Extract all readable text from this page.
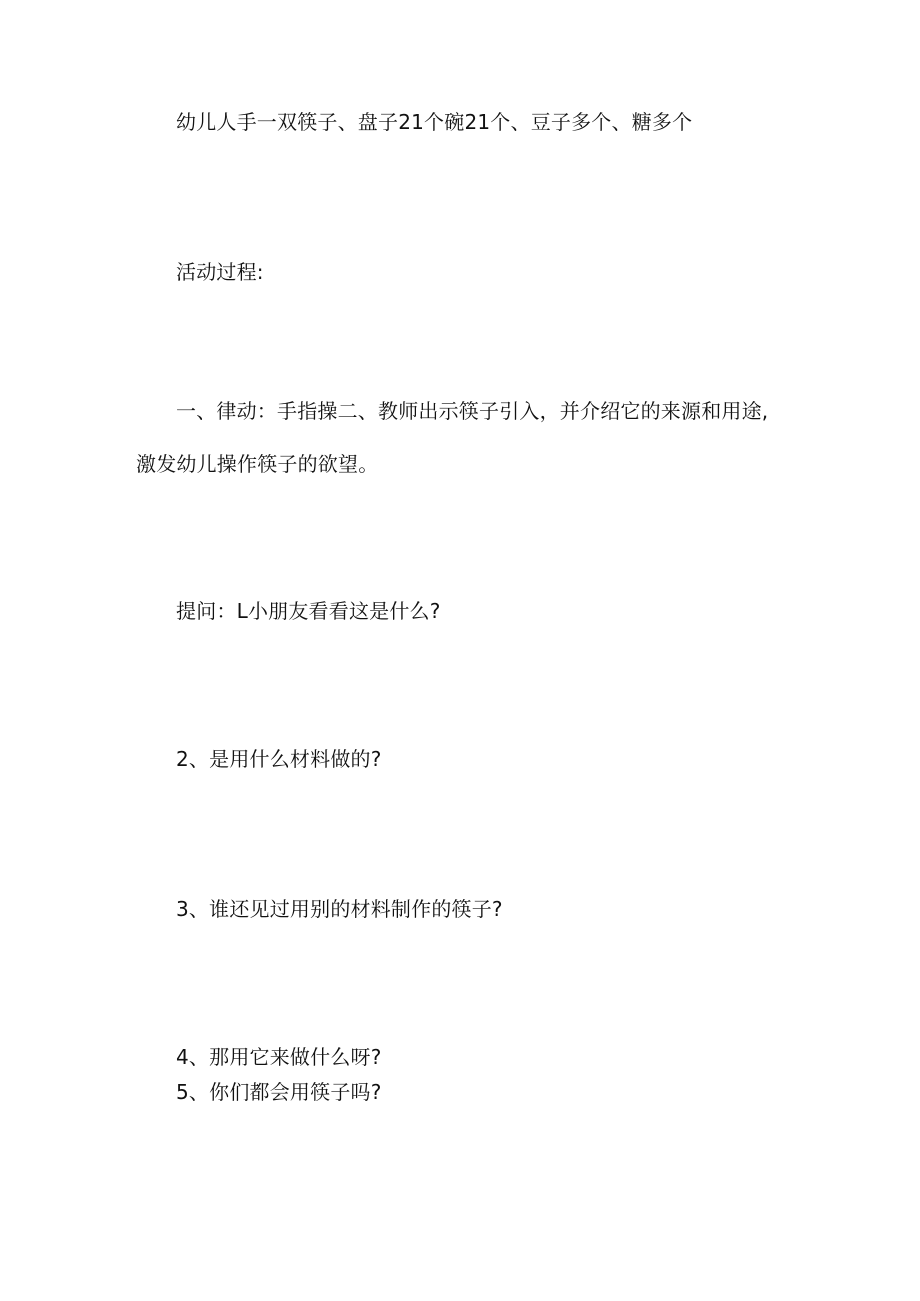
幼儿人手一双筷子、盘子21个碗21个、豆子多个、糖多个
活动过程:
一、律动：手指操二、教师出示筷子引入，并介绍它的来源和用途,
激发幼儿操作筷子的欲望。
提问：L小朋友看看这是什么?
2、是用什么材料做的?
3、谁还见过用别的材料制作的筷子?
4、那用它来做什么呀?
5、你们都会用筷子吗?
